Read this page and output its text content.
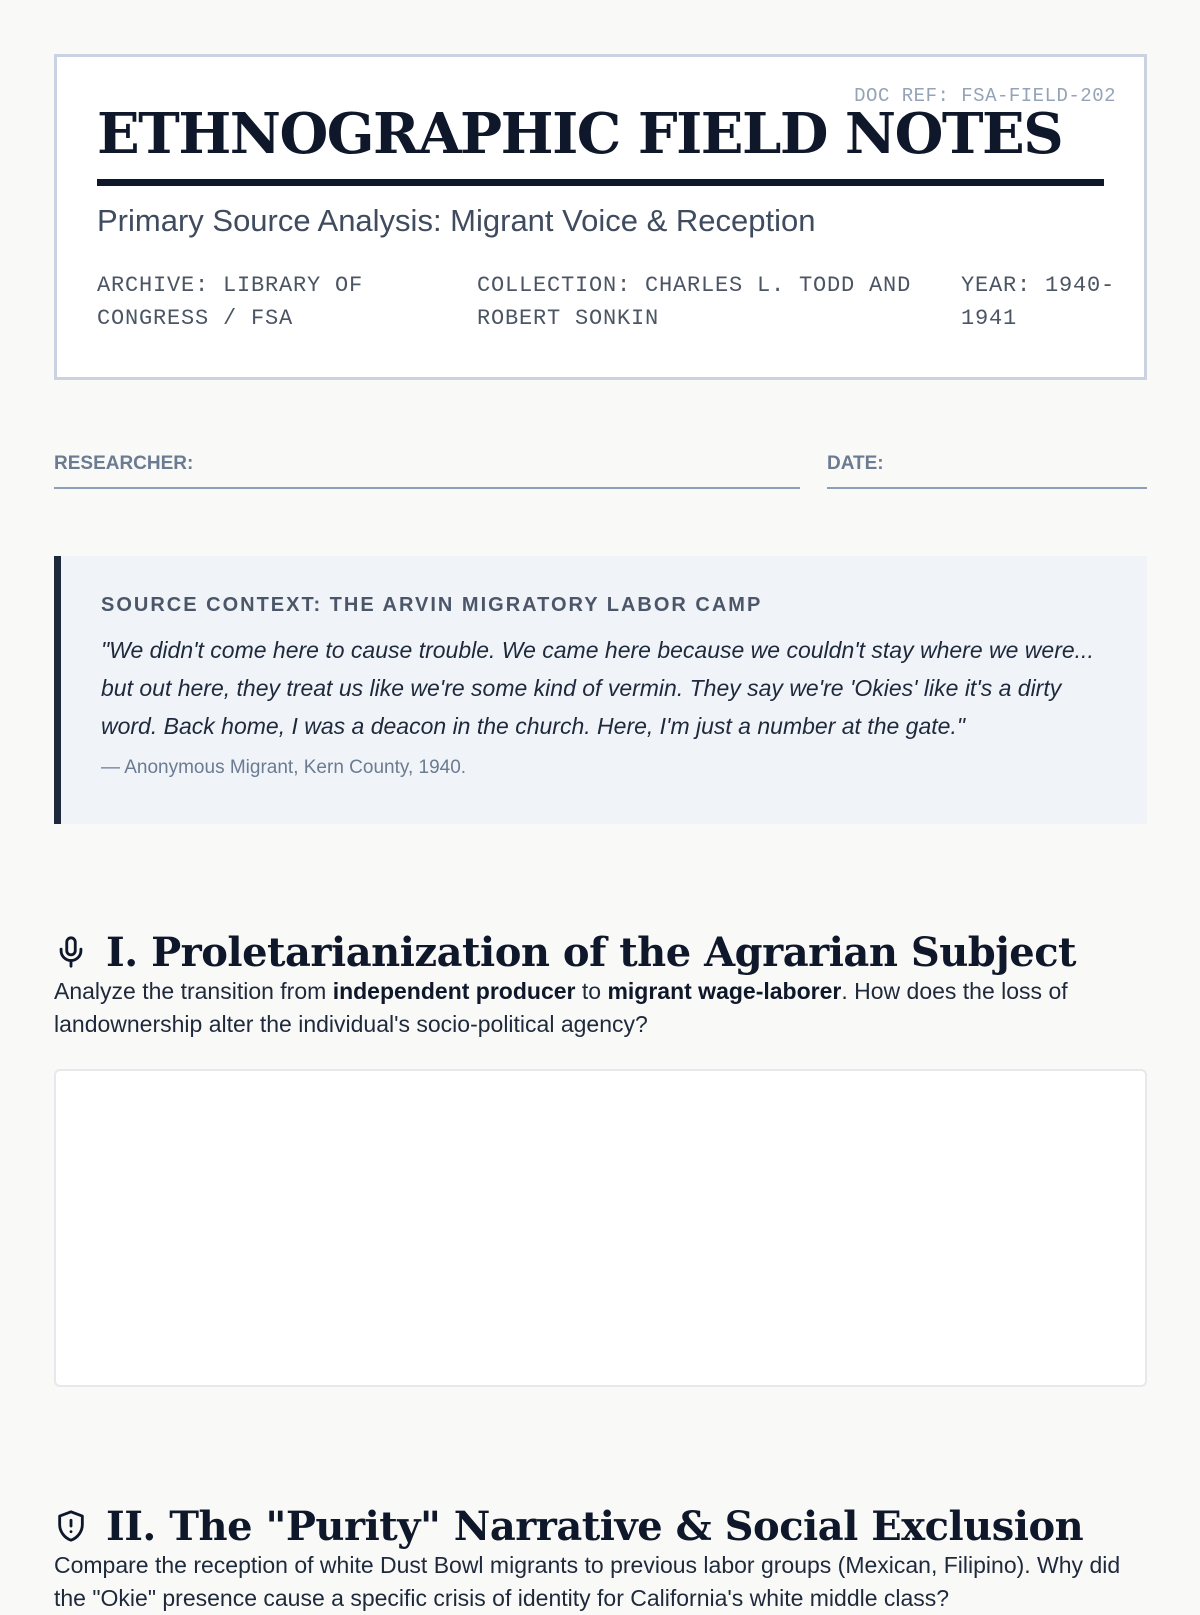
DOC REF: FSA-FIELD-202
ETHNOGRAPHIC FIELD NOTES
Primary Source Analysis: Migrant Voice & Reception
ARCHIVE: LIBRARY OF CONGRESS / FSA
COLLECTION: CHARLES L. TODD AND ROBERT SONKIN
YEAR: 1940-1941
RESEARCHER:	DATE:
SOURCE CONTEXT: THE ARVIN MIGRATORY LABOR CAMP

"We didn't come here to cause trouble. We came here because we couldn't stay where we were... but out here, they treat us like we're some kind of vermin. They say we're 'Okies' like it's a dirty word. Back home, I was a deacon in the church. Here, I'm just a number at the gate."

— Anonymous Migrant, Kern County, 1940.
I. Proletarianization of the Agrarian Subject

Analyze the transition from independent producer to migrant wage-laborer. How does the loss of landownership alter the individual's socio-political agency?

II. The "Purity" Narrative & Social Exclusion

Compare the reception of white Dust Bowl migrants to previous labor groups (Mexican, Filipino). Why did the "Okie" presence cause a specific crisis of identity for California's white middle class?
